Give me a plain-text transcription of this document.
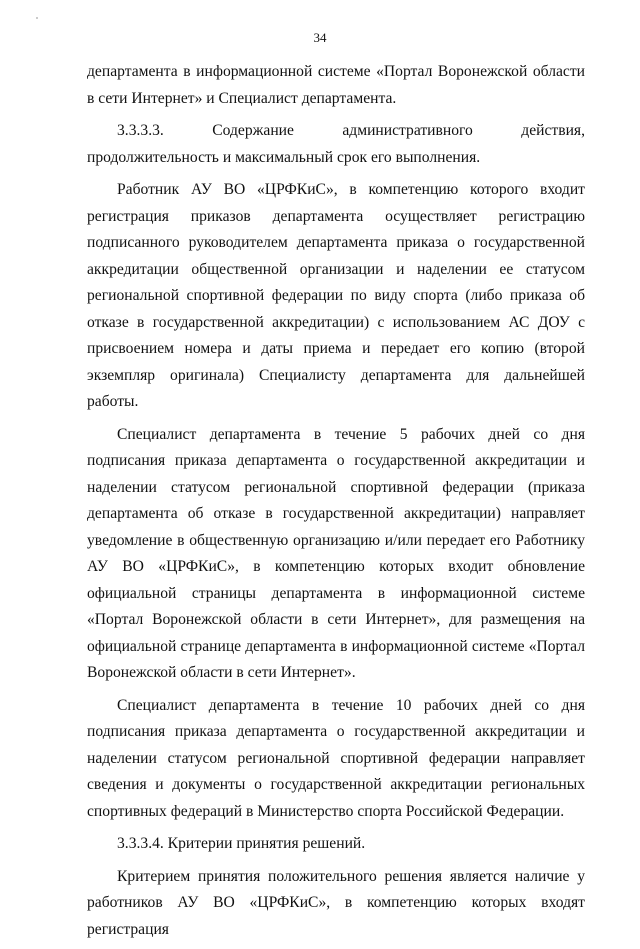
34

департамента в информационной системе «Портал Воронежской области в сети Интернет» и Специалист департамента.

3.3.3.3. Содержание административного действия, продолжительность и максимальный срок его выполнения.

Работник АУ ВО «ЦРФКиС», в компетенцию которого входит регистрация приказов департамента осуществляет регистрацию подписанного руководителем департамента приказа о государственной аккредитации общественной организации и наделении ее статусом региональной спортивной федерации по виду спорта (либо приказа об отказе в государственной аккредитации) с использованием АС ДОУ с присвоением номера и даты приема и передает его копию (второй экземпляр оригинала) Специалисту департамента для дальнейшей работы.

Специалист департамента в течение 5 рабочих дней со дня подписания приказа департамента о государственной аккредитации и наделении статусом региональной спортивной федерации (приказа департамента об отказе в государственной аккредитации) направляет уведомление в общественную организацию и/или передает его Работнику АУ ВО «ЦРФКиС», в компетенцию которых входит обновление официальной страницы департамента в информационной системе «Портал Воронежской области в сети Интернет», для размещения на официальной странице департамента в информационной системе «Портал Воронежской области в сети Интернет».

Специалист департамента в течение 10 рабочих дней со дня подписания приказа департамента о государственной аккредитации и наделении статусом региональной спортивной федерации направляет сведения и документы о государственной аккредитации региональных спортивных федераций в Министерство спорта Российской Федерации.

3.3.3.4. Критерии принятия решений.

Критерием принятия положительного решения является наличие у работников АУ ВО «ЦРФКиС», в компетенцию которых входят регистрация
